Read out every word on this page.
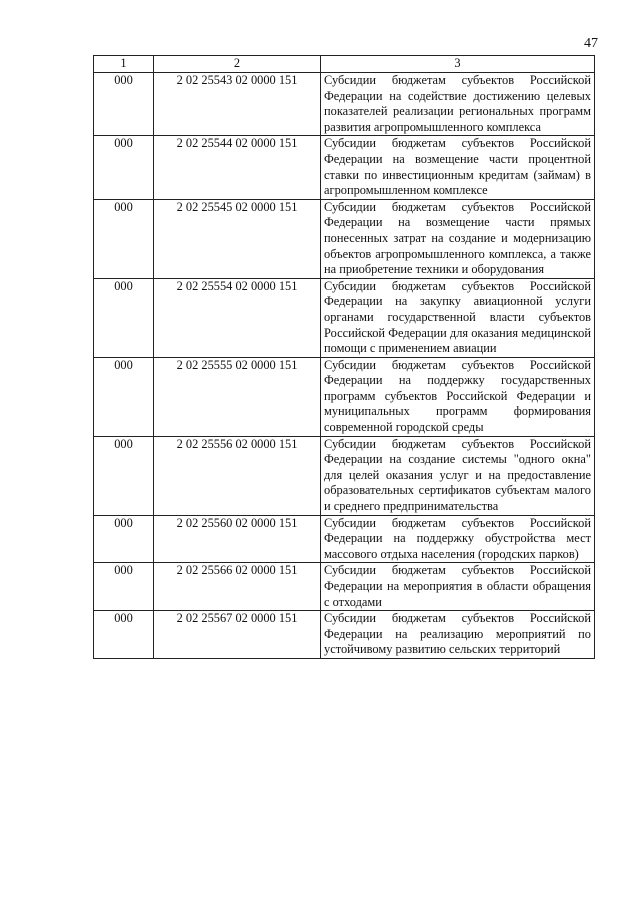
47
1	2	3
000	2 02 25543 02 0000 151	Субсидии бюджетам субъектов Российской Федерации на содействие достижению целевых показателей реализации региональных программ развития агропромышленного комплекса
000	2 02 25544 02 0000 151	Субсидии бюджетам субъектов Российской Федерации на возмещение части процентной ставки по инвестиционным кредитам (займам) в агропромышленном комплексе
000	2 02 25545 02 0000 151	Субсидии бюджетам субъектов Российской Федерации на возмещение части прямых понесенных затрат на создание и модернизацию объектов агропромышленного комплекса, а также на приобретение техники и оборудования
000	2 02 25554 02 0000 151	Субсидии бюджетам субъектов Российской Федерации на закупку авиационной услуги органами государственной власти субъектов Российской Федерации для оказания медицинской помощи с применением авиации
000	2 02 25555 02 0000 151	Субсидии бюджетам субъектов Российской Федерации на поддержку государственных программ субъектов Российской Федерации и муниципальных программ формирования современной городской среды
000	2 02 25556 02 0000 151	Субсидии бюджетам субъектов Российской Федерации на создание системы "одного окна" для целей оказания услуг и на предоставление образовательных сертификатов субъектам малого и среднего предпринимательства
000	2 02 25560 02 0000 151	Субсидии бюджетам субъектов Российской Федерации на поддержку обустройства мест массового отдыха населения (городских парков)
000	2 02 25566 02 0000 151	Субсидии бюджетам субъектов Российской Федерации на мероприятия в области обращения с отходами
000	2 02 25567 02 0000 151	Субсидии бюджетам субъектов Российской Федерации на реализацию мероприятий по устойчивому развитию сельских территорий
